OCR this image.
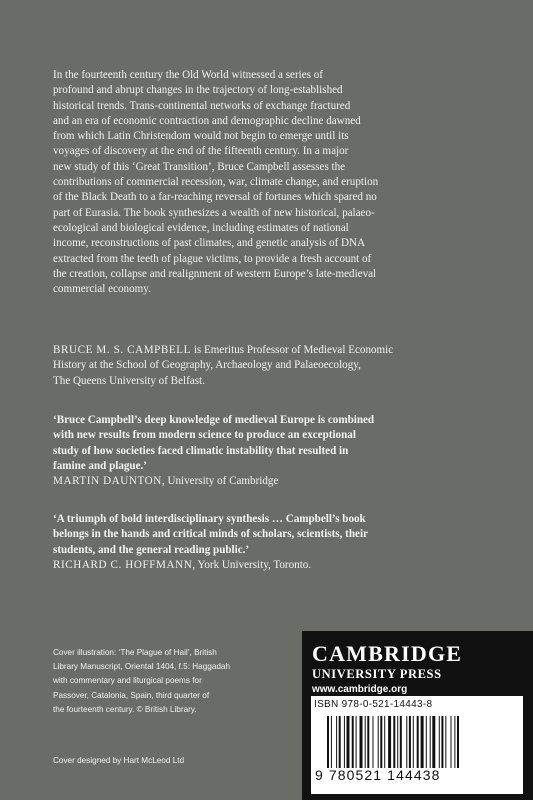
In the fourteenth century the Old World witnessed a series of

profound and abrupt changes in the trajectory of long-established

historical trends. Trans-continental networks of exchange fractured

and an era of economic contraction and demographic decline dawned

from which Latin Christendom would not begin to emerge until its

voyages of discovery at the end of the fifteenth century. In a major

new study of this ‘Great Transition’, Bruce Campbell assesses the

contributions of commercial recession, war, climate change, and eruption

of the Black Death to a far-reaching reversal of fortunes which spared no

part of Eurasia. The book synthesizes a wealth of new historical, palaeo-

ecological and biological evidence, including estimates of national

income, reconstructions of past climates, and genetic analysis of DNA

extracted from the teeth of plague victims, to provide a fresh account of

the creation, collapse and realignment of western Europe’s late-medieval

commercial economy.

BRUCE M. S. CAMPBELL is Emeritus Professor of Medieval Economic
History at the School of Geography, Archaeology and Palaeoecology,
The Queens University of Belfast.
‘Bruce Campbell’s deep knowledge of medieval Europe is combined
with new results from modern science to produce an exceptional
study of how societies faced climatic instability that resulted in
famine and plague.’
MARTIN DAUNTON, University of Cambridge
‘A triumph of bold interdisciplinary synthesis … Campbell’s book
belongs in the hands and critical minds of scholars, scientists, their
students, and the general reading public.’
RICHARD C. HOFFMANN, York University, Toronto.
Cover illustration: ‘The Plague of Hail’, British
Library Manuscript, Oriental 1404, f.5: Haggadah
with commentary and liturgical poems for
Passover, Catalonia, Spain, third quarter of
the fourteenth century. © British Library.
Cover designed by Hart McLeod Ltd
CAMBRIDGE
UNIVERSITY PRESS
www.cambridge.org
ISBN 978-0-521-14443-8
9 780521 144438
